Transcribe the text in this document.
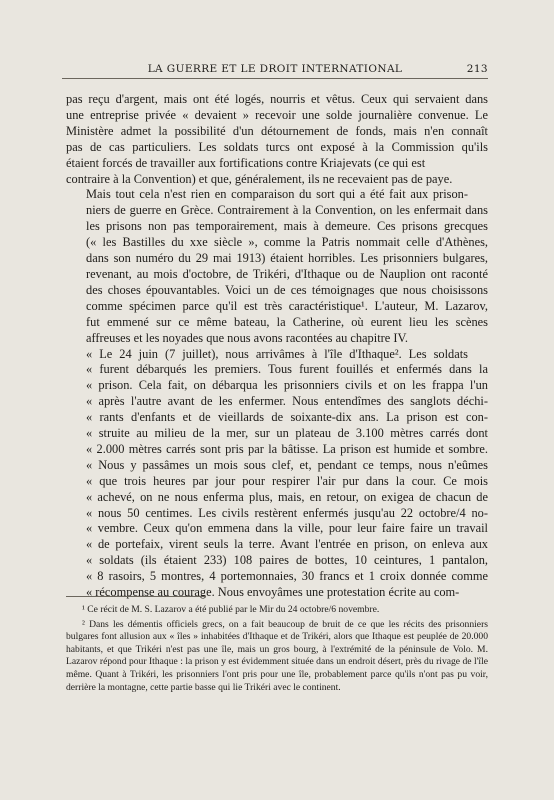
LA GUERRE ET LE DROIT INTERNATIONAL	213

pas reçu d'argent, mais ont été logés, nourris et vêtus. Ceux qui servaient dans
une entreprise privée « devaient » recevoir une solde journalière convenue. Le
Ministère admet la possibilité d'un détournement de fonds, mais n'en connaît
pas de cas particuliers. Les soldats turcs ont exposé à la Commission qu'ils
étaient forcés de travailler aux fortifications contre Kriajevats (ce qui est
contraire à la Convention) et que, généralement, ils ne recevaient pas de paye.

Mais tout cela n'est rien en comparaison du sort qui a été fait aux prison-
niers de guerre en Grèce. Contrairement à la Convention, on les enfermait dans
les prisons non pas temporairement, mais à demeure. Ces prisons grecques
(« les Bastilles du xxe siècle », comme la Patris nommait celle d'Athènes,
dans son numéro du 29 mai 1913) étaient horribles. Les prisonniers bulgares,
revenant, au mois d'octobre, de Trikéri, d'Ithaque ou de Nauplion ont raconté
des choses épouvantables. Voici un de ces témoignages que nous choisissons
comme spécimen parce qu'il est très caractéristique¹. L'auteur, M. Lazarov,
fut emmené sur ce même bateau, la Catherine, où eurent lieu les scènes
affreuses et les noyades que nous avons racontées au chapitre IV.

« Le 24 juin (7 juillet), nous arrivâmes à l'île d'Ithaque². Les soldats
« furent débarqués les premiers. Tous furent fouillés et enfermés dans la
« prison. Cela fait, on débarqua les prisonniers civils et on les frappa l'un
« après l'autre avant de les enfermer. Nous entendîmes des sanglots déchi-
« rants d'enfants et de vieillards de soixante-dix ans. La prison est con-
« struite au milieu de la mer, sur un plateau de 3.100 mètres carrés dont
« 2.000 mètres carrés sont pris par la bâtisse. La prison est humide et sombre.
« Nous y passâmes un mois sous clef, et, pendant ce temps, nous n'eûmes
« que trois heures par jour pour respirer l'air pur dans la cour. Ce mois
« achevé, on ne nous enferma plus, mais, en retour, on exigea de chacun de
« nous 50 centimes. Les civils restèrent enfermés jusqu'au 22 octobre/4 no-
« vembre. Ceux qu'on emmena dans la ville, pour leur faire faire un travail
« de portefaix, virent seuls la terre. Avant l'entrée en prison, on enleva aux
« soldats (ils étaient 233) 108 paires de bottes, 10 ceintures, 1 pantalon,
« 8 rasoirs, 5 montres, 4 portemonnaies, 30 francs et 1 croix donnée comme
« récompense au courage. Nous envoyâmes une protestation écrite au com-

¹ Ce récit de M. S. Lazarov a été publié par le Mir du 24 octobre/6 novembre.

² Dans les démentis officiels grecs, on a fait beaucoup de bruit de ce que les récits des prisonniers bulgares font allusion aux « îles » inhabitées d'Ithaque et de Trikéri, alors que Ithaque est peuplée de 20.000 habitants, et que Trikéri n'est pas une île, mais un gros bourg, à l'extrémité de la péninsule de Volo. M. Lazarov répond pour Ithaque : la prison y est évidemment située dans un endroit désert, près du rivage de l'île même. Quant à Trikéri, les prisonniers l'ont pris pour une île, probablement parce qu'ils n'ont pas pu voir, derrière la montagne, cette partie basse qui lie Trikéri avec le continent.
